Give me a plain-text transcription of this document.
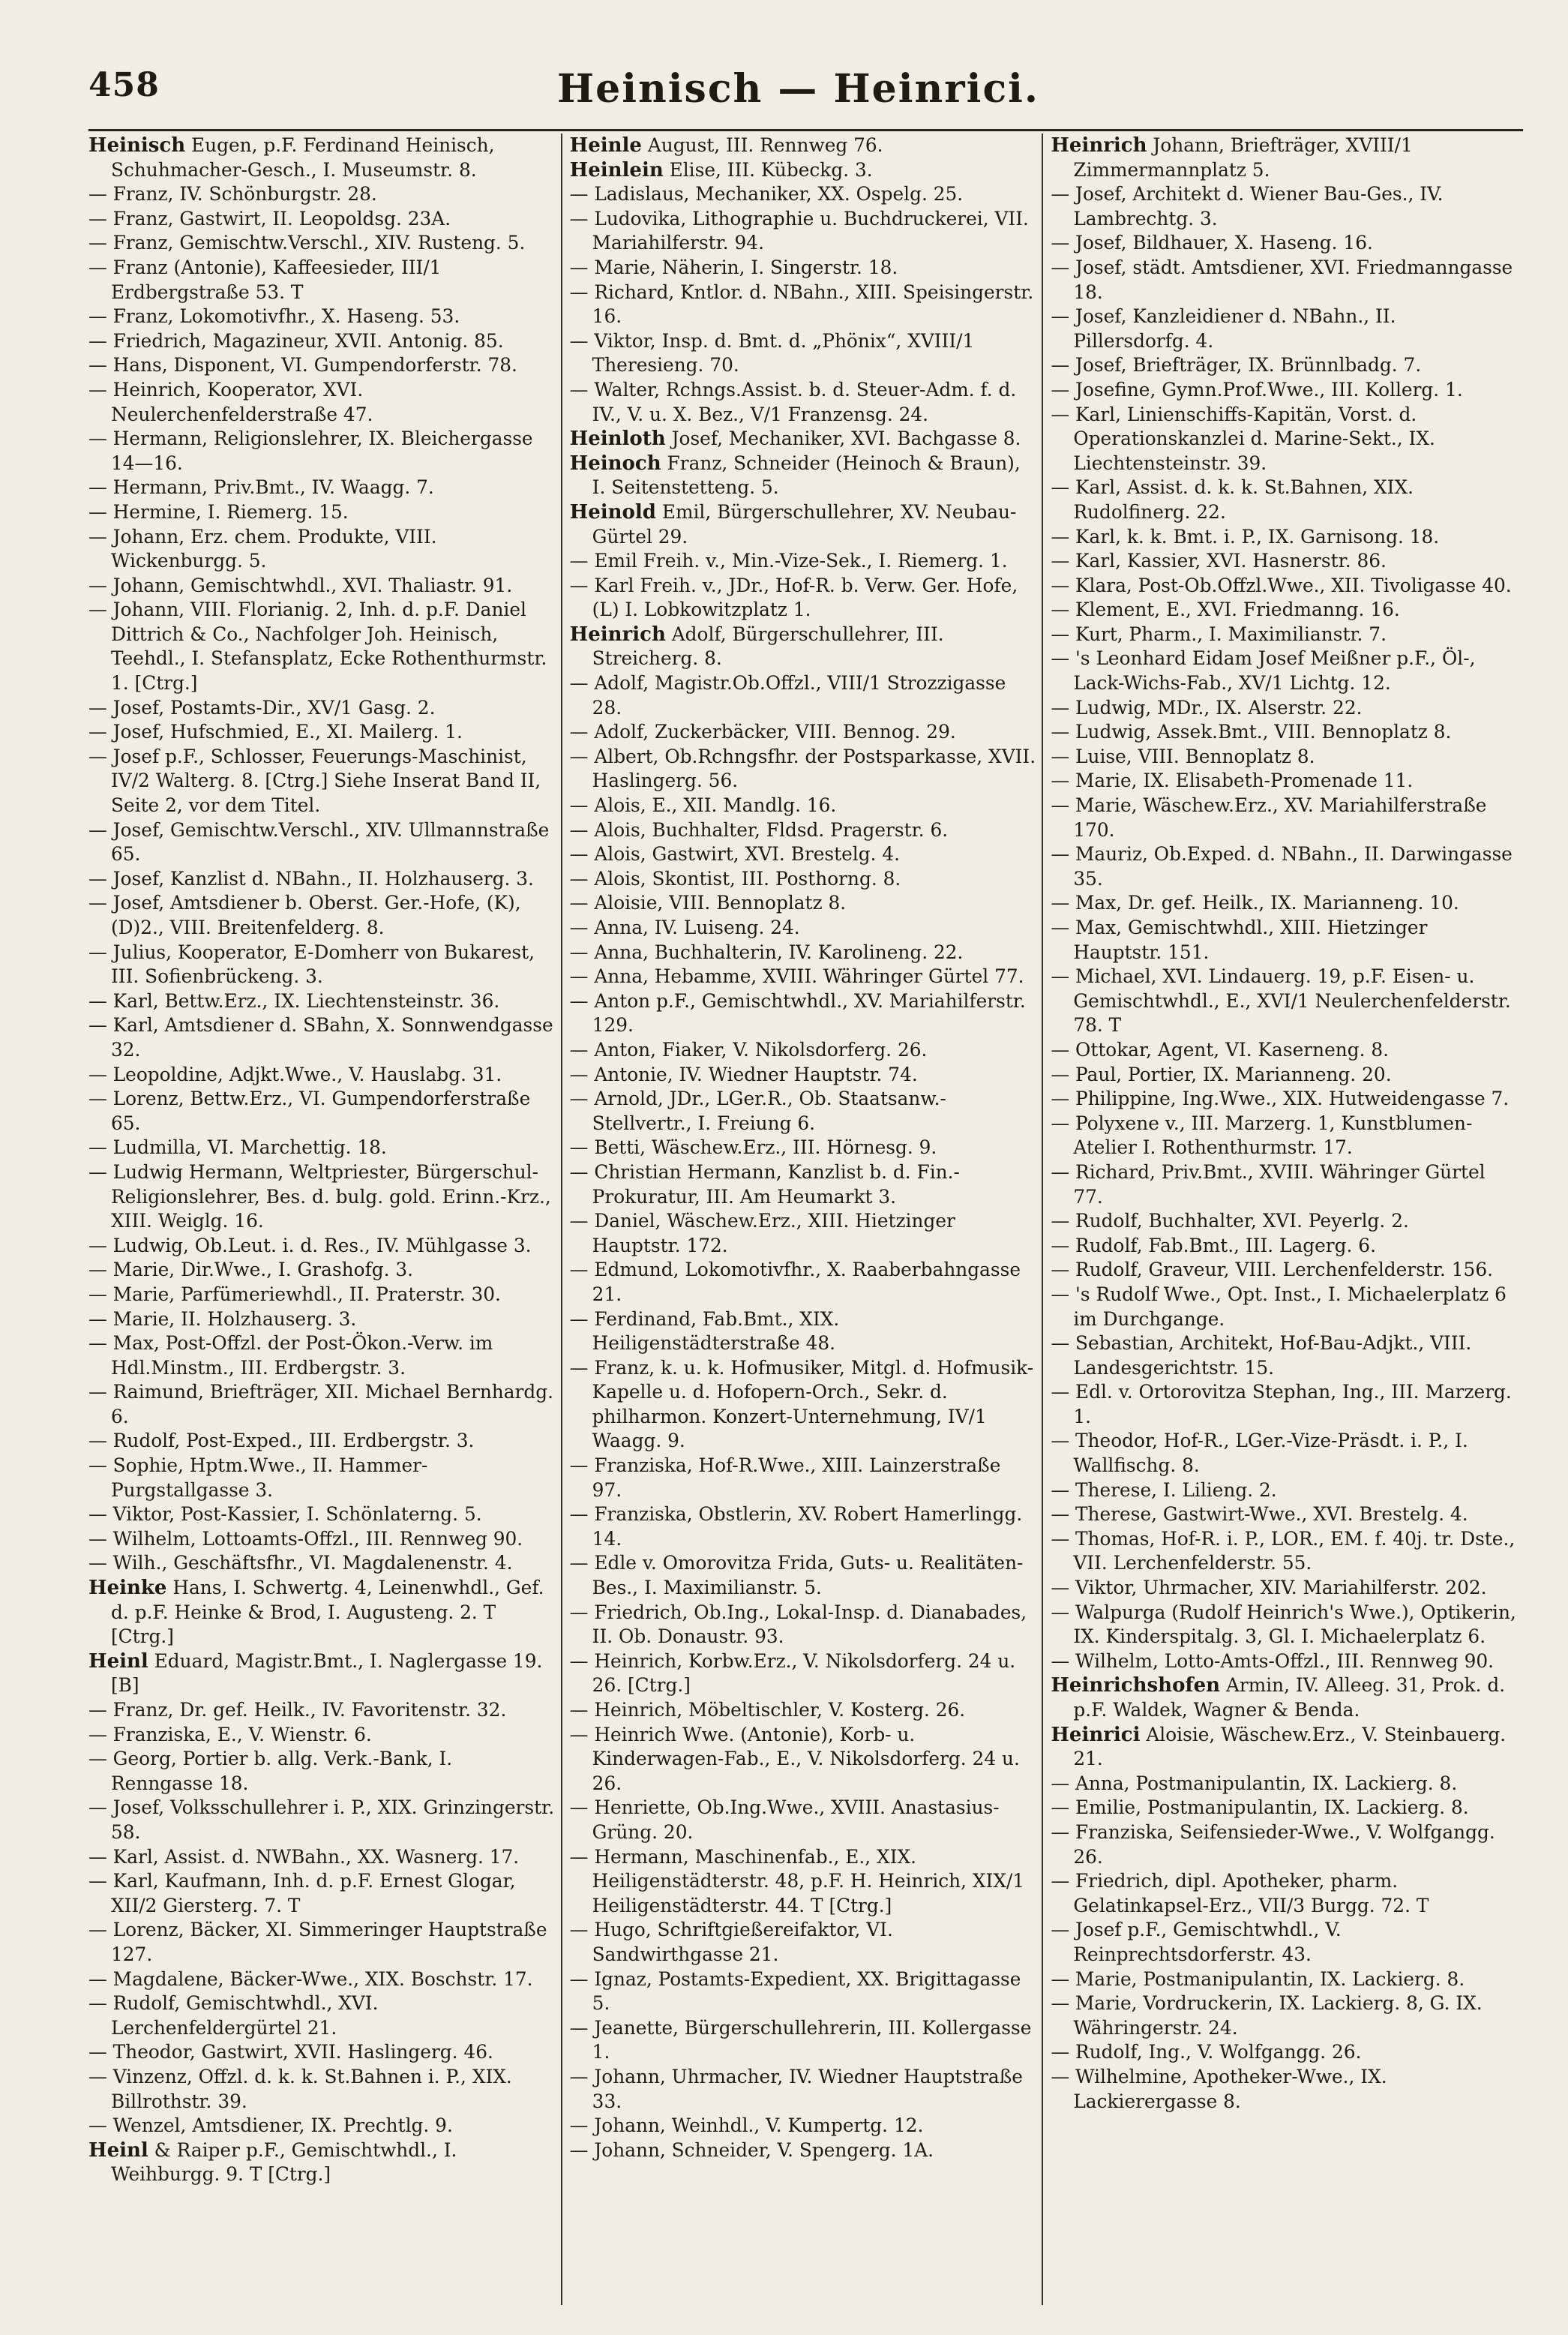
458	Heinisch — Heinrici.

Heinisch Eugen, p.F. Ferdinand Heinisch, Schuhmacher-Gesch., I. Museumstr. 8.

— Franz, IV. Schönburgstr. 28.

— Franz, Gastwirt, II. Leopoldsg. 23A.

— Franz, Gemischtw.Verschl., XIV. Rusteng. 5.

— Franz (Antonie), Kaffeesieder, III/1 Erdbergstraße 53. T

— Franz, Lokomotivfhr., X. Haseng. 53.

— Friedrich, Magazineur, XVII. Antonig. 85.

— Hans, Disponent, VI. Gumpendorferstr. 78.

— Heinrich, Kooperator, XVI. Neulerchenfelderstraße 47.

— Hermann, Religionslehrer, IX. Bleichergasse 14—16.

— Hermann, Priv.Bmt., IV. Waagg. 7.

— Hermine, I. Riemerg. 15.

— Johann, Erz. chem. Produkte, VIII. Wickenburgg. 5.

— Johann, Gemischtwhdl., XVI. Thaliastr. 91.

— Johann, VIII. Florianig. 2, Inh. d. p.F. Daniel Dittrich & Co., Nachfolger Joh. Heinisch, Teehdl., I. Stefansplatz, Ecke Rothenthurmstr. 1. [Ctrg.]

— Josef, Postamts-Dir., XV/1 Gasg. 2.

— Josef, Hufschmied, E., XI. Mailerg. 1.

— Josef p.F., Schlosser, Feuerungs-Maschinist, IV/2 Walterg. 8. [Ctrg.] Siehe Inserat Band II, Seite 2, vor dem Titel.

— Josef, Gemischtw.Verschl., XIV. Ullmannstraße 65.

— Josef, Kanzlist d. NBahn., II. Holzhauserg. 3.

— Josef, Amtsdiener b. Oberst. Ger.-Hofe, (K), (D)2., VIII. Breitenfelderg. 8.

— Julius, Kooperator, E-Domherr von Bukarest, III. Sofienbrückeng. 3.

— Karl, Bettw.Erz., IX. Liechtensteinstr. 36.

— Karl, Amtsdiener d. SBahn, X. Sonnwendgasse 32.

— Leopoldine, Adjkt.Wwe., V. Hauslabg. 31.

— Lorenz, Bettw.Erz., VI. Gumpendorferstraße 65.

— Ludmilla, VI. Marchettig. 18.

— Ludwig Hermann, Weltpriester, Bürgerschul-Religionslehrer, Bes. d. bulg. gold. Erinn.-Krz., XIII. Weiglg. 16.

— Ludwig, Ob.Leut. i. d. Res., IV. Mühlgasse 3.

— Marie, Dir.Wwe., I. Grashofg. 3.

— Marie, Parfümeriewhdl., II. Praterstr. 30.

— Marie, II. Holzhauserg. 3.

— Max, Post-Offzl. der Post-Ökon.-Verw. im Hdl.Minstm., III. Erdbergstr. 3.

— Raimund, Briefträger, XII. Michael Bernhardg. 6.

— Rudolf, Post-Exped., III. Erdbergstr. 3.

— Sophie, Hptm.Wwe., II. Hammer-Purgstallgasse 3.

— Viktor, Post-Kassier, I. Schönlaterng. 5.

— Wilhelm, Lottoamts-Offzl., III. Rennweg 90.

— Wilh., Geschäftsfhr., VI. Magdalenenstr. 4.

Heinke Hans, I. Schwertg. 4, Leinenwhdl., Gef. d. p.F. Heinke & Brod, I. Augusteng. 2. T [Ctrg.]

Heinl Eduard, Magistr.Bmt., I. Naglergasse 19. [B]

— Franz, Dr. gef. Heilk., IV. Favoritenstr. 32.

— Franziska, E., V. Wienstr. 6.

— Georg, Portier b. allg. Verk.-Bank, I. Renngasse 18.

— Josef, Volksschullehrer i. P., XIX. Grinzingerstr. 58.

— Karl, Assist. d. NWBahn., XX. Wasnerg. 17.

— Karl, Kaufmann, Inh. d. p.F. Ernest Glogar, XII/2 Giersterg. 7. T

— Lorenz, Bäcker, XI. Simmeringer Hauptstraße 127.

— Magdalene, Bäcker-Wwe., XIX. Boschstr. 17.

— Rudolf, Gemischtwhdl., XVI. Lerchenfeldergürtel 21.

— Theodor, Gastwirt, XVII. Haslingerg. 46.

— Vinzenz, Offzl. d. k. k. St.Bahnen i. P., XIX. Billrothstr. 39.

— Wenzel, Amtsdiener, IX. Prechtlg. 9.

Heinl & Raiper p.F., Gemischtwhdl., I. Weihburgg. 9. T [Ctrg.]

Heinle August, III. Rennweg 76.

Heinlein Elise, III. Kübeckg. 3.

— Ladislaus, Mechaniker, XX. Ospelg. 25.

— Ludovika, Lithographie u. Buchdruckerei, VII. Mariahilferstr. 94.

— Marie, Näherin, I. Singerstr. 18.

— Richard, Kntlor. d. NBahn., XIII. Speisingerstr. 16.

— Viktor, Insp. d. Bmt. d. „Phönix“, XVIII/1 Theresieng. 70.

— Walter, Rchngs.Assist. b. d. Steuer-Adm. f. d. IV., V. u. X. Bez., V/1 Franzensg. 24.

Heinloth Josef, Mechaniker, XVI. Bachgasse 8.

Heinoch Franz, Schneider (Heinoch & Braun), I. Seitenstetteng. 5.

Heinold Emil, Bürgerschullehrer, XV. Neubau-Gürtel 29.

— Emil Freih. v., Min.-Vize-Sek., I. Riemerg. 1.

— Karl Freih. v., JDr., Hof-R. b. Verw. Ger. Hofe, (L) I. Lobkowitzplatz 1.

Heinrich Adolf, Bürgerschullehrer, III. Streicherg. 8.

— Adolf, Magistr.Ob.Offzl., VIII/1 Strozzigasse 28.

— Adolf, Zuckerbäcker, VIII. Bennog. 29.

— Albert, Ob.Rchngsfhr. der Postsparkasse, XVII. Haslingerg. 56.

— Alois, E., XII. Mandlg. 16.

— Alois, Buchhalter, Fldsd. Pragerstr. 6.

— Alois, Gastwirt, XVI. Brestelg. 4.

— Alois, Skontist, III. Posthorng. 8.

— Aloisie, VIII. Bennoplatz 8.

— Anna, IV. Luiseng. 24.

— Anna, Buchhalterin, IV. Karolineng. 22.

— Anna, Hebamme, XVIII. Währinger Gürtel 77.

— Anton p.F., Gemischtwhdl., XV. Mariahilferstr. 129.

— Anton, Fiaker, V. Nikolsdorferg. 26.

— Antonie, IV. Wiedner Hauptstr. 74.

— Arnold, JDr., LGer.R., Ob. Staatsanw.-Stellvertr., I. Freiung 6.

— Betti, Wäschew.Erz., III. Hörnesg. 9.

— Christian Hermann, Kanzlist b. d. Fin.-Prokuratur, III. Am Heumarkt 3.

— Daniel, Wäschew.Erz., XIII. Hietzinger Hauptstr. 172.

— Edmund, Lokomotivfhr., X. Raaberbahngasse 21.

— Ferdinand, Fab.Bmt., XIX. Heiligenstädterstraße 48.

— Franz, k. u. k. Hofmusiker, Mitgl. d. Hofmusik-Kapelle u. d. Hofopern-Orch., Sekr. d. philharmon. Konzert-Unternehmung, IV/1 Waagg. 9.

— Franziska, Hof-R.Wwe., XIII. Lainzerstraße 97.

— Franziska, Obstlerin, XV. Robert Hamerlingg. 14.

— Edle v. Omorovitza Frida, Guts- u. Realitäten-Bes., I. Maximilianstr. 5.

— Friedrich, Ob.Ing., Lokal-Insp. d. Dianabades, II. Ob. Donaustr. 93.

— Heinrich, Korbw.Erz., V. Nikolsdorferg. 24 u. 26. [Ctrg.]

— Heinrich, Möbeltischler, V. Kosterg. 26.

— Heinrich Wwe. (Antonie), Korb- u. Kinderwagen-Fab., E., V. Nikolsdorferg. 24 u. 26.

— Henriette, Ob.Ing.Wwe., XVIII. Anastasius-Grüng. 20.

— Hermann, Maschinenfab., E., XIX. Heiligenstädterstr. 48, p.F. H. Heinrich, XIX/1 Heiligenstädterstr. 44. T [Ctrg.]

— Hugo, Schriftgießereifaktor, VI. Sandwirthgasse 21.

— Ignaz, Postamts-Expedient, XX. Brigittagasse 5.

— Jeanette, Bürgerschullehrerin, III. Kollergasse 1.

— Johann, Uhrmacher, IV. Wiedner Hauptstraße 33.

— Johann, Weinhdl., V. Kumpertg. 12.

— Johann, Schneider, V. Spengerg. 1A.

Heinrich Johann, Briefträger, XVIII/1 Zimmermannplatz 5.

— Josef, Architekt d. Wiener Bau-Ges., IV. Lambrechtg. 3.

— Josef, Bildhauer, X. Haseng. 16.

— Josef, städt. Amtsdiener, XVI. Friedmanngasse 18.

— Josef, Kanzleidiener d. NBahn., II. Pillersdorfg. 4.

— Josef, Briefträger, IX. Brünnlbadg. 7.

— Josefine, Gymn.Prof.Wwe., III. Kollerg. 1.

— Karl, Linienschiffs-Kapitän, Vorst. d. Operationskanzlei d. Marine-Sekt., IX. Liechtensteinstr. 39.

— Karl, Assist. d. k. k. St.Bahnen, XIX. Rudolfinerg. 22.

— Karl, k. k. Bmt. i. P., IX. Garnisong. 18.

— Karl, Kassier, XVI. Hasnerstr. 86.

— Klara, Post-Ob.Offzl.Wwe., XII. Tivoligasse 40.

— Klement, E., XVI. Friedmanng. 16.

— Kurt, Pharm., I. Maximilianstr. 7.

— 's Leonhard Eidam Josef Meißner p.F., Öl-, Lack-Wichs-Fab., XV/1 Lichtg. 12.

— Ludwig, MDr., IX. Alserstr. 22.

— Ludwig, Assek.Bmt., VIII. Bennoplatz 8.

— Luise, VIII. Bennoplatz 8.

— Marie, IX. Elisabeth-Promenade 11.

— Marie, Wäschew.Erz., XV. Mariahilferstraße 170.

— Mauriz, Ob.Exped. d. NBahn., II. Darwingasse 35.

— Max, Dr. gef. Heilk., IX. Marianneng. 10.

— Max, Gemischtwhdl., XIII. Hietzinger Hauptstr. 151.

— Michael, XVI. Lindauerg. 19, p.F. Eisen- u. Gemischtwhdl., E., XVI/1 Neulerchenfelderstr. 78. T

— Ottokar, Agent, VI. Kaserneng. 8.

— Paul, Portier, IX. Marianneng. 20.

— Philippine, Ing.Wwe., XIX. Hutweidengasse 7.

— Polyxene v., III. Marzerg. 1, Kunstblumen-Atelier I. Rothenthurmstr. 17.

— Richard, Priv.Bmt., XVIII. Währinger Gürtel 77.

— Rudolf, Buchhalter, XVI. Peyerlg. 2.

— Rudolf, Fab.Bmt., III. Lagerg. 6.

— Rudolf, Graveur, VIII. Lerchenfelderstr. 156.

— 's Rudolf Wwe., Opt. Inst., I. Michaelerplatz 6 im Durchgange.

— Sebastian, Architekt, Hof-Bau-Adjkt., VIII. Landesgerichtstr. 15.

— Edl. v. Ortorovitza Stephan, Ing., III. Marzerg. 1.

— Theodor, Hof-R., LGer.-Vize-Präsdt. i. P., I. Wallfischg. 8.

— Therese, I. Lilieng. 2.

— Therese, Gastwirt-Wwe., XVI. Brestelg. 4.

— Thomas, Hof-R. i. P., LOR., EM. f. 40j. tr. Dste., VII. Lerchenfelderstr. 55.

— Viktor, Uhrmacher, XIV. Mariahilferstr. 202.

— Walpurga (Rudolf Heinrich's Wwe.), Optikerin, IX. Kinderspitalg. 3, Gl. I. Michaelerplatz 6.

— Wilhelm, Lotto-Amts-Offzl., III. Rennweg 90.

Heinrichshofen Armin, IV. Alleeg. 31, Prok. d. p.F. Waldek, Wagner & Benda.

Heinrici Aloisie, Wäschew.Erz., V. Steinbauerg. 21.

— Anna, Postmanipulantin, IX. Lackierg. 8.

— Emilie, Postmanipulantin, IX. Lackierg. 8.

— Franziska, Seifensieder-Wwe., V. Wolfgangg. 26.

— Friedrich, dipl. Apotheker, pharm. Gelatinkapsel-Erz., VII/3 Burgg. 72. T

— Josef p.F., Gemischtwhdl., V. Reinprechtsdorferstr. 43.

— Marie, Postmanipulantin, IX. Lackierg. 8.

— Marie, Vordruckerin, IX. Lackierg. 8, G. IX. Währingerstr. 24.

— Rudolf, Ing., V. Wolfgangg. 26.

— Wilhelmine, Apotheker-Wwe., IX. Lackierergasse 8.
